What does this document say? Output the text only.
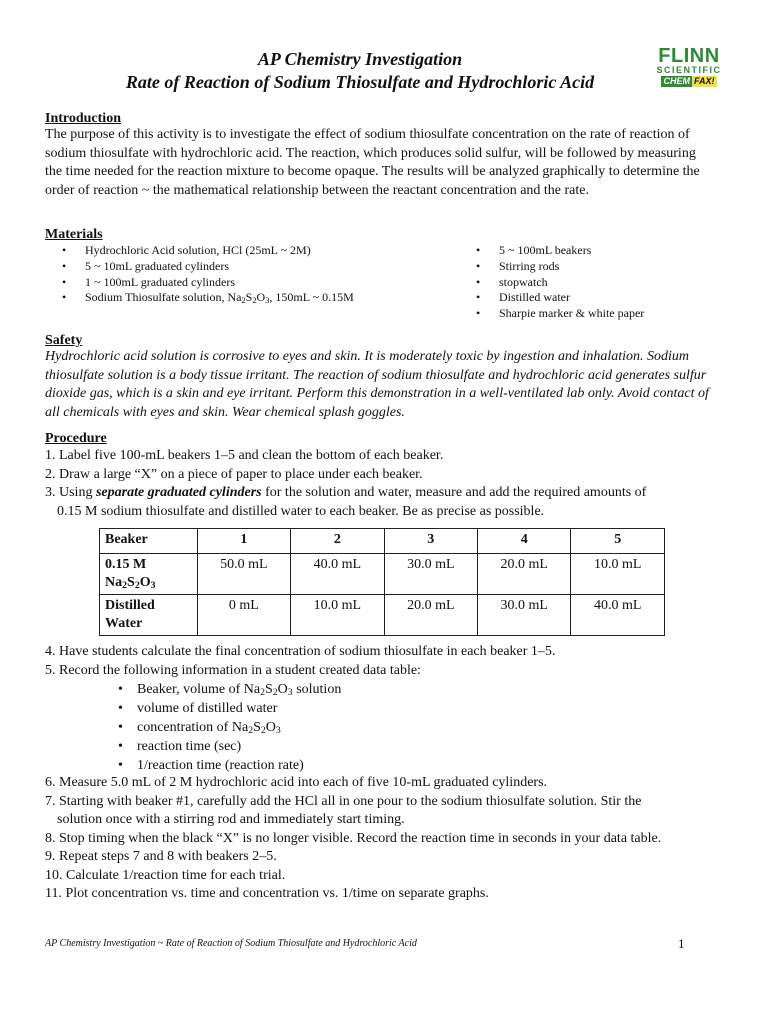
AP Chemistry Investigation
Rate of Reaction of Sodium Thiosulfate and Hydrochloric Acid
FLINN
SCIENTIFIC
CHEM FAX!
Introduction
The purpose of this activity is to investigate the effect of sodium thiosulfate concentration on the rate of reaction of sodium thiosulfate with hydrochloric acid. The reaction, which produces solid sulfur, will be followed by measuring the time needed for the reaction mixture to become opaque. The results will be analyzed graphically to determine the order of reaction ~ the mathematical relationship between the reactant concentration and the rate.
Materials
• Hydrochloric Acid solution, HCl (25mL ~ 2M)
• 5 ~ 10mL graduated cylinders
• 1 ~ 100mL graduated cylinders
• Sodium Thiosulfate solution, $Na_2S_2O_3$, 150mL ~ 0.15M
• 5 ~ 100mL beakers
• Stirring rods
• stopwatch
• Distilled water
• Sharpie marker & white paper
Safety
Hydrochloric acid solution is corrosive to eyes and skin. It is moderately toxic by ingestion and inhalation. Sodium thiosulfate solution is a body tissue irritant. The reaction of sodium thiosulfate and hydrochloric acid generates sulfur dioxide gas, which is a skin and eye irritant. Perform this demonstration in a well-ventilated lab only. Avoid contact of all chemicals with eyes and skin. Wear chemical splash goggles.
Procedure
1. Label five 100-mL beakers 1–5 and clean the bottom of each beaker.
2. Draw a large “X” on a piece of paper to place under each beaker.
3. Using separate graduated cylinders for the solution and water, measure and add the required amounts of
0.15 M sodium thiosulfate and distilled water to each beaker. Be as precise as possible.
Beaker	1	2	3	4	5
0.15 M
$Na_2S_2O_3$	50.0 mL	40.0 mL	30.0 mL	20.0 mL	10.0 mL
Distilled
Water	0 mL	10.0 mL	20.0 mL	30.0 mL	40.0 mL
4. Have students calculate the final concentration of sodium thiosulfate in each beaker 1–5.
5. Record the following information in a student created data table:
• Beaker, volume of $Na_2S_2O_3$ solution
• volume of distilled water
• concentration of $Na_2S_2O_3$
• reaction time (sec)
• 1/reaction time (reaction rate)
6. Measure 5.0 mL of 2 M hydrochloric acid into each of five 10-mL graduated cylinders.
7. Starting with beaker #1, carefully add the HCl all in one pour to the sodium thiosulfate solution. Stir the
solution once with a stirring rod and immediately start timing.
8. Stop timing when the black “X” is no longer visible. Record the reaction time in seconds in your data table.
9. Repeat steps 7 and 8 with beakers 2–5.
10. Calculate 1/reaction time for each trial.
11. Plot concentration vs. time and concentration vs. 1/time on separate graphs.
AP Chemistry Investigation ~ Rate of Reaction of Sodium Thiosulfate and Hydrochloric Acid	1
